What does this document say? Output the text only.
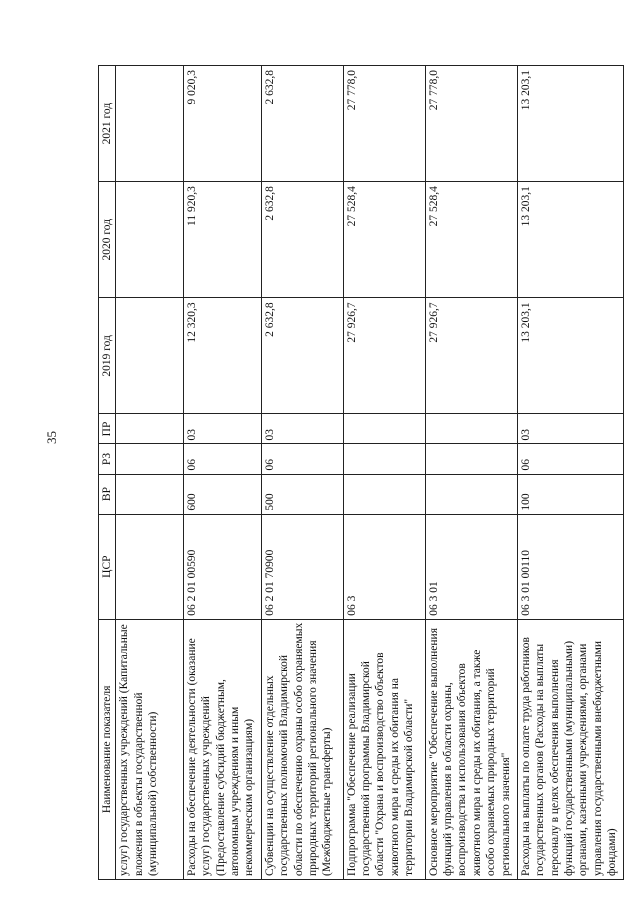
35
Наименование показателя	ЦСР	ВР	РЗ	ПР	2019 год	2020 год	2021 год
услуг) государственных учреждений (Капитальные вложения в объекты государственной (муниципальной) собственности)							
Расходы на обеспечение деятельности (оказание услуг) государственных учреждений (Предоставление субсидий бюджетным, автономным учреждениям и иным некоммерческим организациям)	06 2 01 00590	600	06	03	12 320,3	11 920,3	9 020,3
Субвенции на осуществление отдельных государственных полномочий Владимирской области по обеспечению охраны особо охраняемых природных территорий регионального значения (Межбюджетные трансферты)	06 2 01 70900	500	06	03	2 632,8	2 632,8	2 632,8
Подпрограмма "Обеспечение реализации государственной программы Владимирской области "Охрана и воспроизводство объектов животного мира и среды их обитания на территории Владимирской области"	06 3				27 926,7	27 528,4	27 778,0
Основное мероприятие "Обеспечение выполнения функций управления в области охраны, воспроизводства и использования объектов животного мира и среды их обитания, а также особо охраняемых природных территорий регионального значения"	06 3 01				27 926,7	27 528,4	27 778,0
Расходы на выплаты по оплате труда работников государственных органов (Расходы на выплаты персоналу в целях обеспечения выполнения функций государственными (муниципальными) органами, казенными учреждениями, органами управления государственными внебюджетными фондами)	06 3 01 00110	100	06	03	13 203,1	13 203,1	13 203,1
